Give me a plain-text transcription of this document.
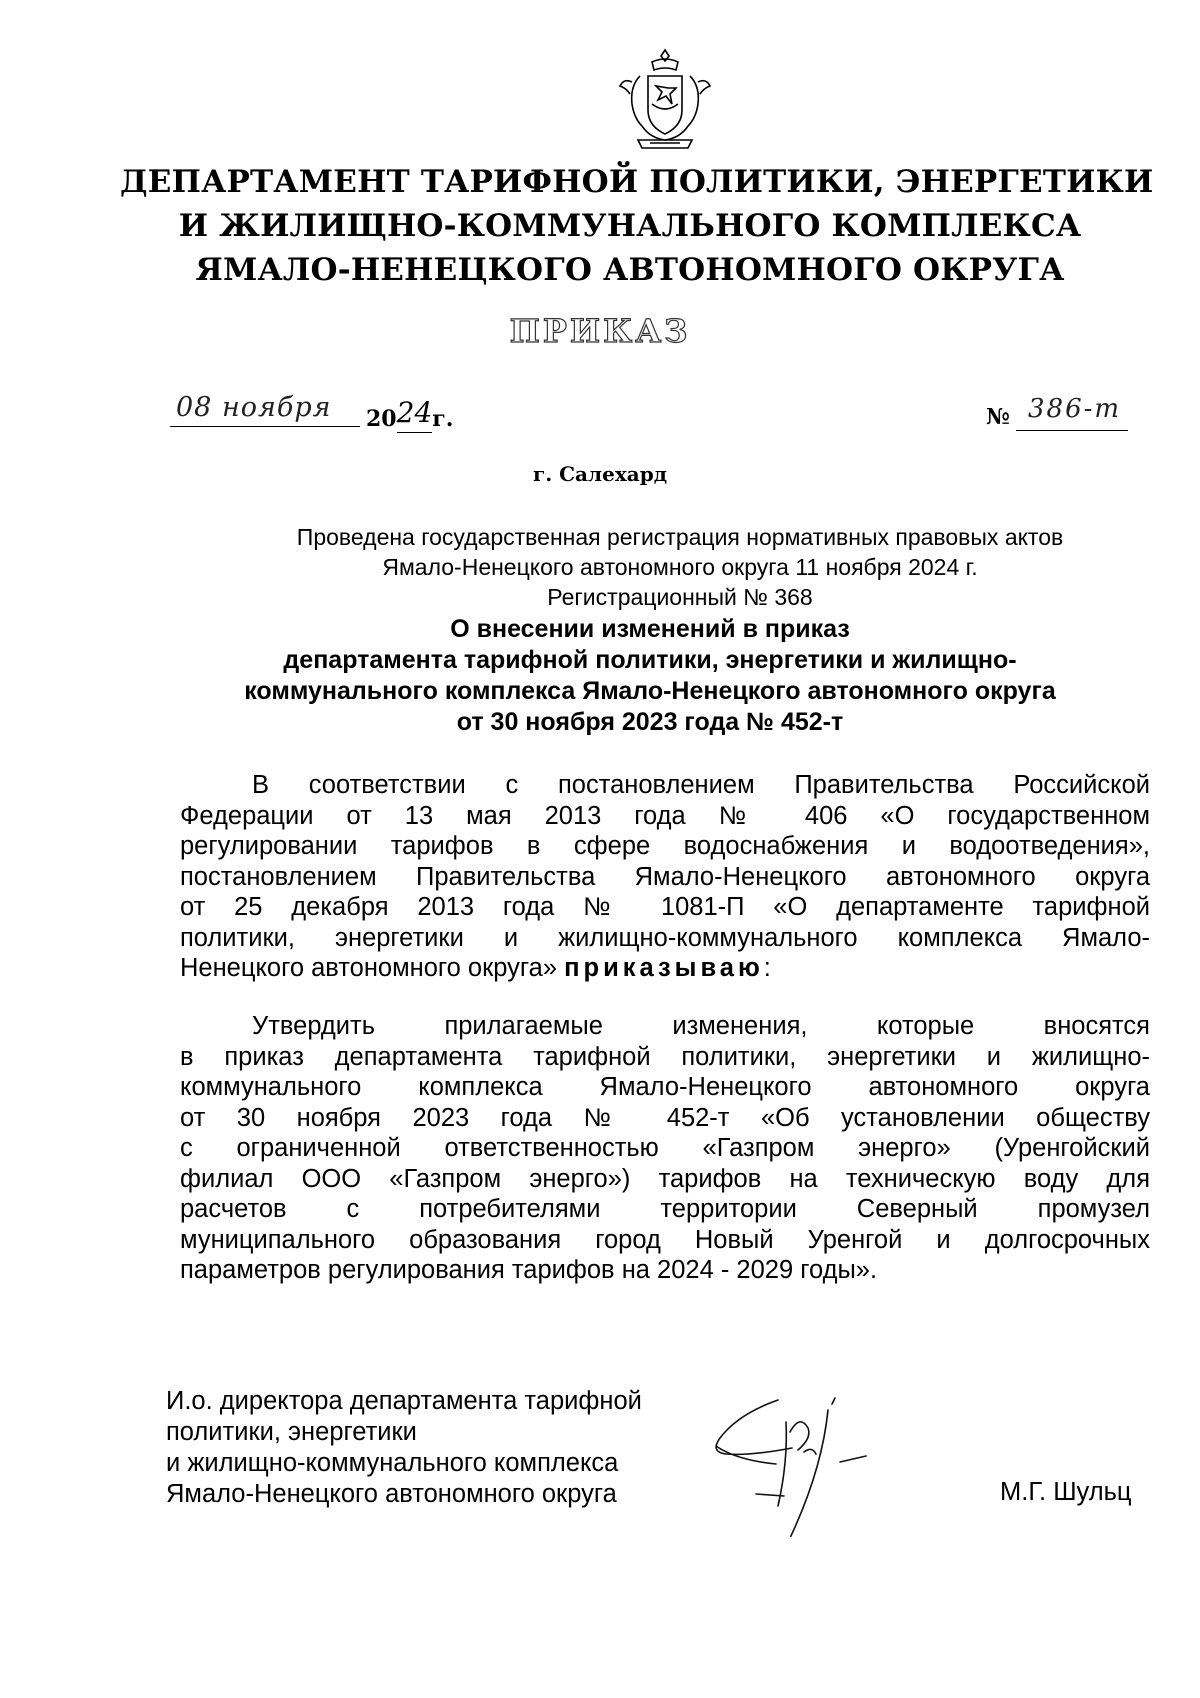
ДЕПАРТАМЕНТ ТАРИФНОЙ ПОЛИТИКИ, ЭНЕРГЕТИКИ
И ЖИЛИЩНО-КОММУНАЛЬНОГО КОМПЛЕКСА
ЯМАЛО-НЕНЕЦКОГО АВТОНОМНОГО ОКРУГА
ПРИКАЗ
08 ноября 2024г.	№ 386-т
г. Салехард
Проведена государственная регистрация нормативных правовых актов
Ямало-Ненецкого автономного округа 11 ноября 2024 г.
Регистрационный № 368
О внесении изменений в приказ
департамента тарифной политики, энергетики и жилищно-
коммунального комплекса Ямало-Ненецкого автономного округа
от 30 ноября 2023 года № 452-т
В соответствии с постановлением Правительства Российской
Федерации от 13 мая 2013 года № 406 «О государственном
регулировании тарифов в сфере водоснабжения и водоотведения»,
постановлением Правительства Ямало-Ненецкого автономного округа
от 25 декабря 2013 года № 1081-П «О департаменте тарифной
политики, энергетики и жилищно-коммунального комплекса Ямало-
Ненецкого автономного округа» приказываю:
Утвердить прилагаемые изменения, которые вносятся
в приказ департамента тарифной политики, энергетики и жилищно-
коммунального комплекса Ямало-Ненецкого автономного округа
от 30 ноября 2023 года № 452-т «Об установлении обществу
с ограниченной ответственностью «Газпром энерго» (Уренгойский
филиал ООО «Газпром энерго») тарифов на техническую воду для
расчетов с потребителями территории Северный промузел
муниципального образования город Новый Уренгой и долгосрочных
параметров регулирования тарифов на 2024 - 2029 годы».
И.о. директора департамента тарифной
политики, энергетики
и жилищно-коммунального комплекса
Ямало-Ненецкого автономного округа	М.Г. Шульц
